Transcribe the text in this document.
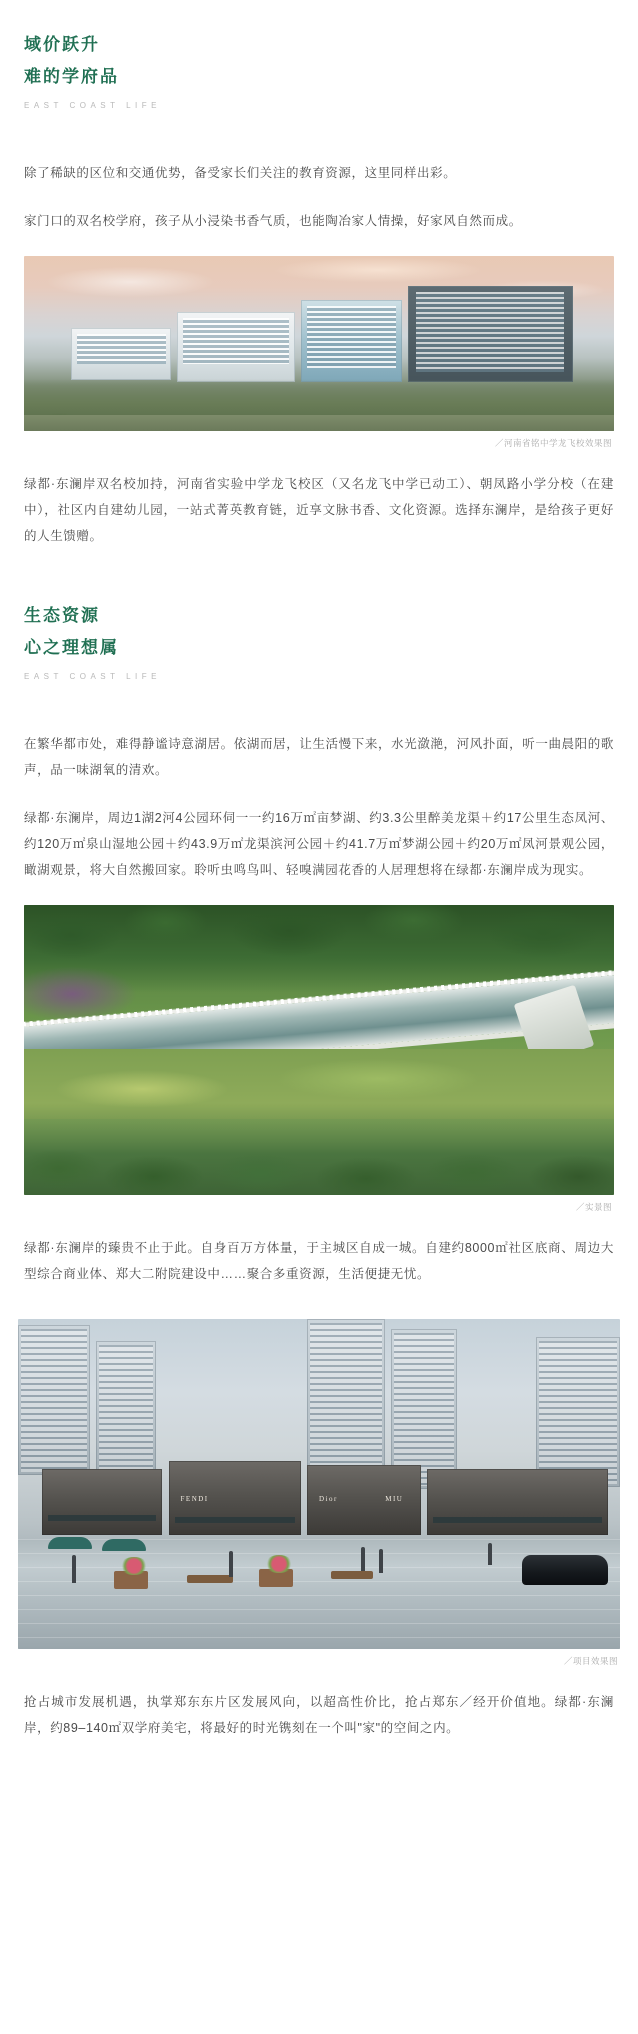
域价跃升
难的学府品
EAST COAST LIFE

除了稀缺的区位和交通优势，备受家长们关注的教育资源，这里同样出彩。

家门口的双名校学府，孩子从小浸染书香气质，也能陶冶家人情操，好家风自然而成。

／河南省铭中学龙飞校效果图

绿都·东澜岸双名校加持，河南省实验中学龙飞校区（又名龙飞中学已动工）、朝凤路小学分校（在建中），社区内自建幼儿园，一站式菁英教育链，近享文脉书香、文化资源。选择东澜岸，是给孩子更好的人生馈赠。

生态资源
心之理想属
EAST COAST LIFE

在繁华都市处，难得静谧诗意湖居。依湖而居，让生活慢下来，水光潋滟，河风扑面，听一曲晨阳的歌声，品一味湖氧的清欢。

绿都·东澜岸，周边1湖2河4公园环伺一一约16万㎡亩梦湖、约3.3公里醉美龙渠＋约17公里生态凤河、约120万㎡泉山湿地公园＋约43.9万㎡龙渠滨河公园＋约41.7万㎡梦湖公园＋约20万㎡凤河景观公园，瞰湖观景，将大自然搬回家。聆听虫鸣鸟叫、轻嗅满园花香的人居理想将在绿都·东澜岸成为现实。

／实景图

绿都·东澜岸的臻贵不止于此。自身百万方体量，于主城区自成一城。自建约8000㎡社区底商、周边大型综合商业体、郑大二附院建设中……聚合多重资源，生活便捷无忧。

FENDI	Dior	MIU
／项目效果图

抢占城市发展机遇，执掌郑东东片区发展风向，以超高性价比，抢占郑东／经开价值地。绿都·东澜岸，约89–140㎡双学府美宅，将最好的时光镌刻在一个叫"家"的空间之内。
